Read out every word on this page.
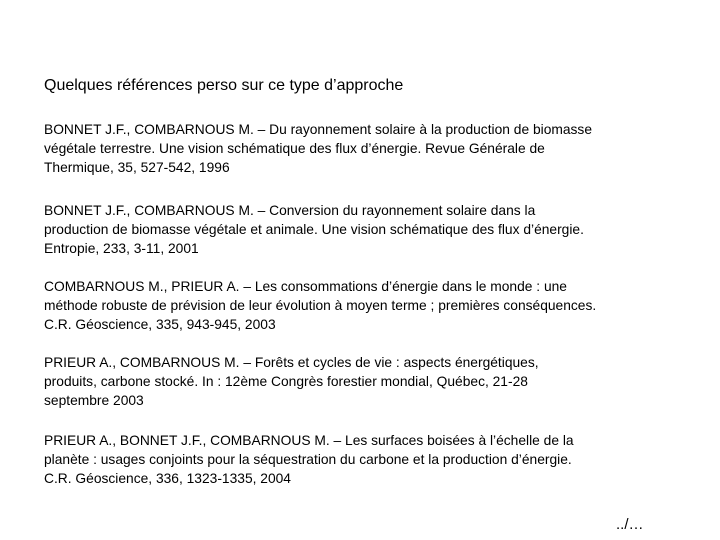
Quelques références perso sur ce type d’approche
BONNET J.F., COMBARNOUS M. – Du rayonnement solaire à la production de biomasse
végétale terrestre. Une vision schématique des flux d’énergie. Revue Générale de
Thermique, 35, 527-542, 1996
BONNET J.F., COMBARNOUS M. – Conversion du rayonnement solaire dans la
production de biomasse végétale et animale. Une vision schématique des flux d’énergie.
Entropie, 233, 3-11, 2001
COMBARNOUS M., PRIEUR A. – Les consommations d’énergie dans le monde : une
méthode robuste de prévision de leur évolution à moyen terme ; premières conséquences.
C.R. Géoscience, 335, 943-945, 2003
PRIEUR A., COMBARNOUS M. – Forêts et cycles de vie : aspects énergétiques,
produits, carbone stocké. In : 12ème Congrès forestier mondial, Québec, 21-28
septembre 2003
PRIEUR A., BONNET J.F., COMBARNOUS M. – Les surfaces boisées à l’échelle de la
planète : usages conjoints pour la séquestration du carbone et la production d’énergie.
C.R. Géoscience, 336, 1323-1335, 2004
../…
